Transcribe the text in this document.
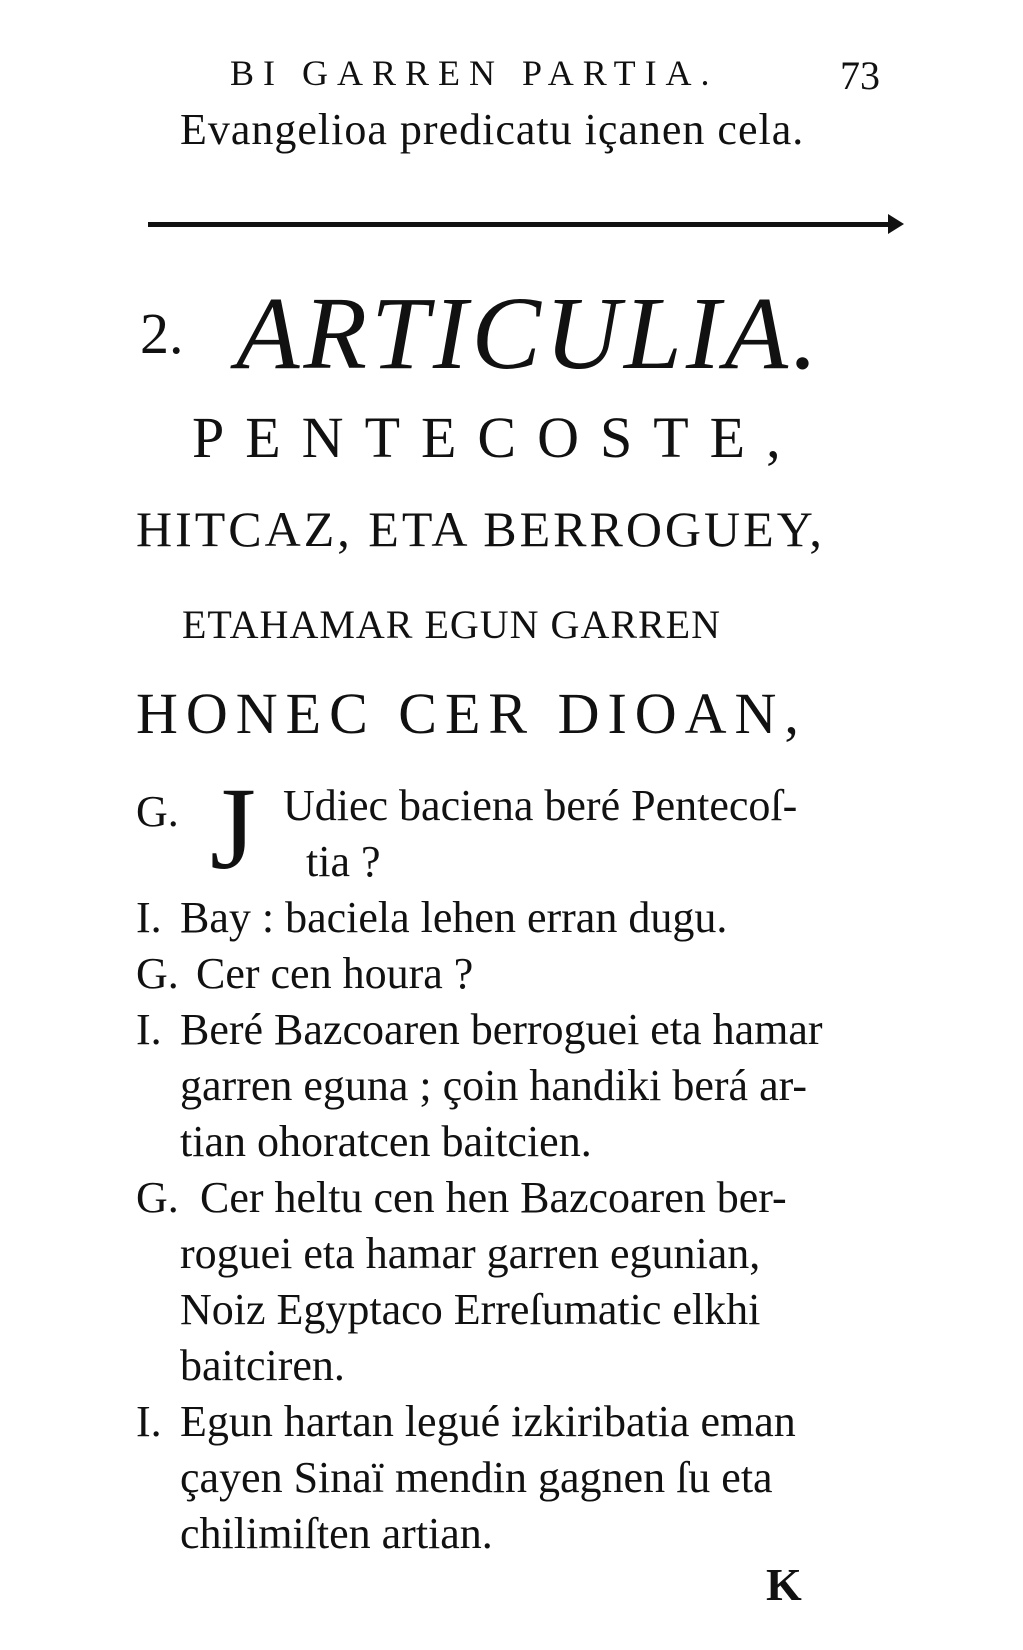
BI GARREN PARTIA.	73
Evangelioa predicatu içanen cela.
2. ARTICULIA.
PENTECOSTE,
HITCAZ, ETA BERROGUEY,
ETAHAMAR EGUN GARREN
HONEC CER DIOAN,
G. J Udiec baciena beré Pentecoſ-
tia ?
I. Bay : baciela lehen erran dugu.
G. Cer cen houra ?
I. Beré Bazcoaren berroguei eta hamar
garren eguna ; çoin handiki berá ar-
tian ohoratcen baitcien.
G. Cer heltu cen hen Bazcoaren ber-
roguei eta hamar garren egunian,
Noiz Egyptaco Erreſumatic elkhi
baitciren.
I. Egun hartan legué izkiribatia eman
çayen Sinaï mendin gagnen ſu eta
chilimiſten artian.
K
